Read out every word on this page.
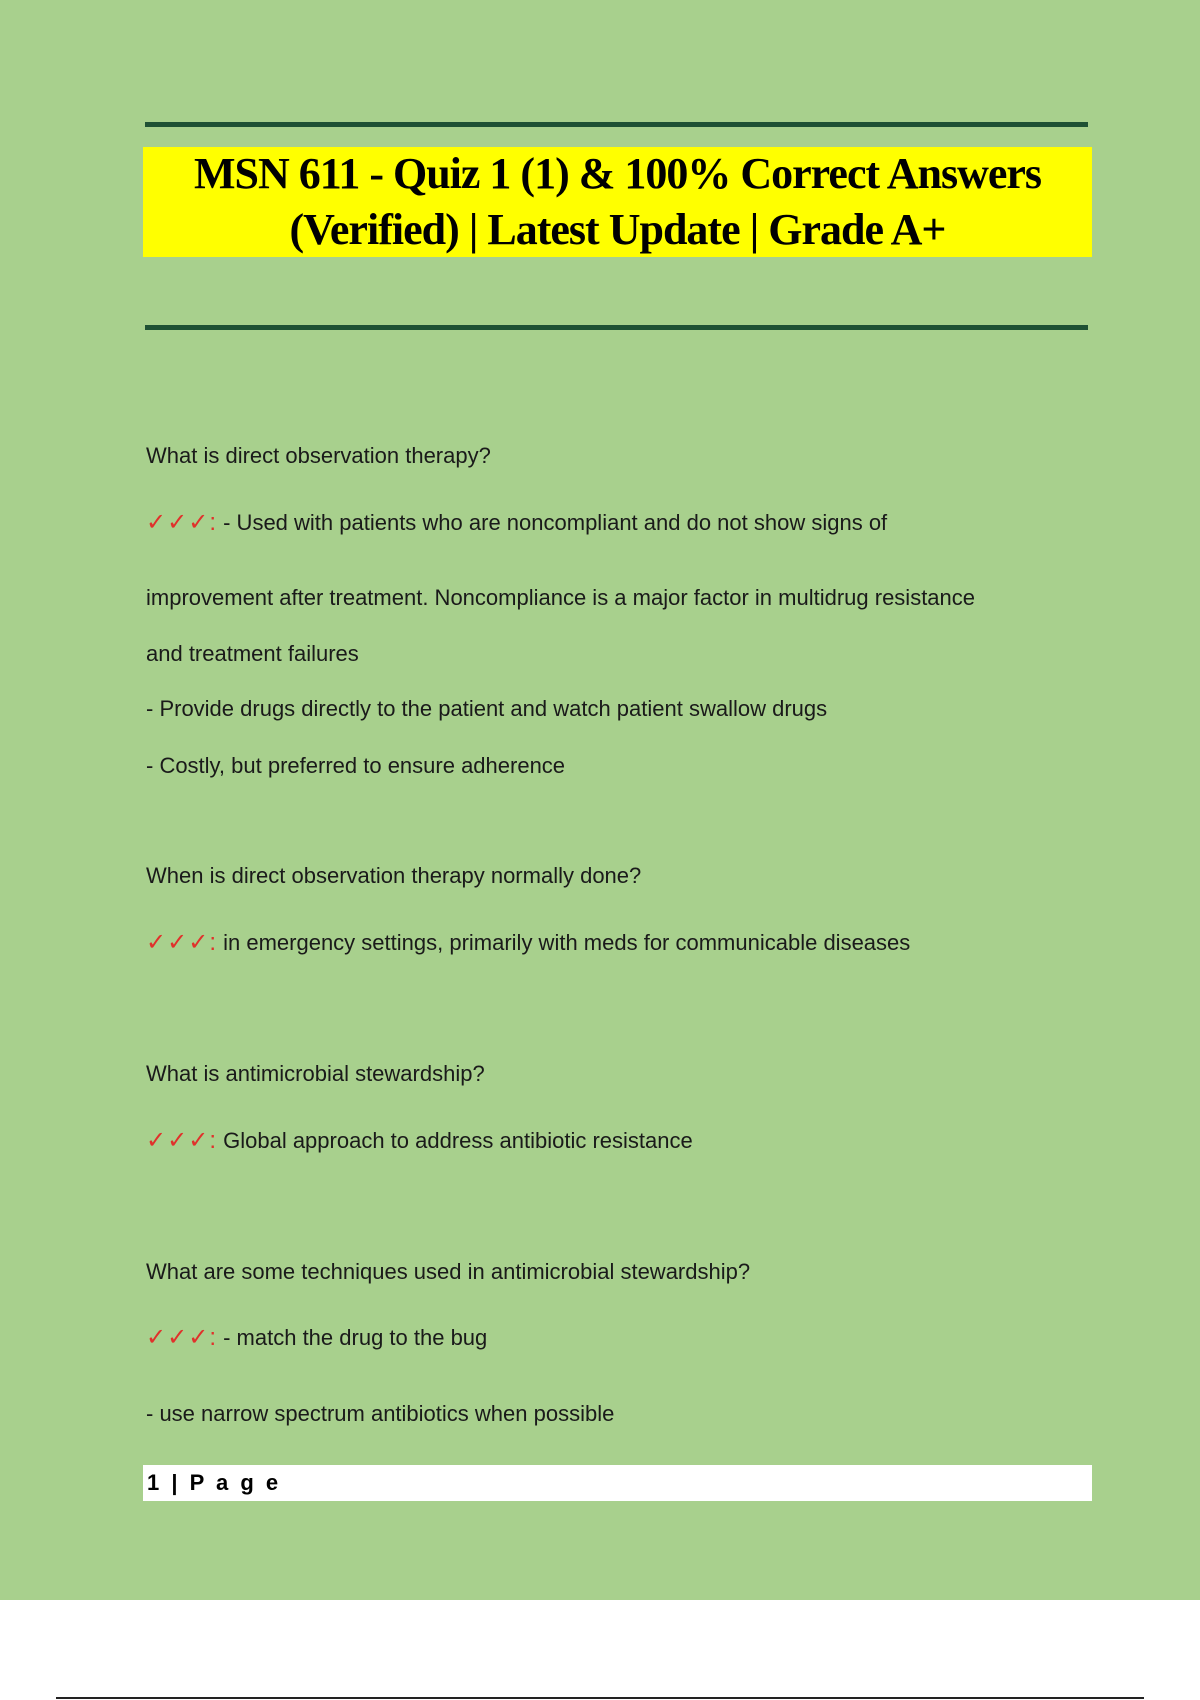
MSN 611 - Quiz 1 (1) & 100% Correct Answers
(Verified) | Latest Update | Grade A+
What is direct observation therapy?
✓✓✓: - Used with patients who are noncompliant and do not show signs of
improvement after treatment. Noncompliance is a major factor in multidrug resistance
and treatment failures
- Provide drugs directly to the patient and watch patient swallow drugs
- Costly, but preferred to ensure adherence
When is direct observation therapy normally done?
✓✓✓: in emergency settings, primarily with meds for communicable diseases
What is antimicrobial stewardship?
✓✓✓: Global approach to address antibiotic resistance
What are some techniques used in antimicrobial stewardship?
✓✓✓: - match the drug to the bug
- use narrow spectrum antibiotics when possible
1 | P a g e
